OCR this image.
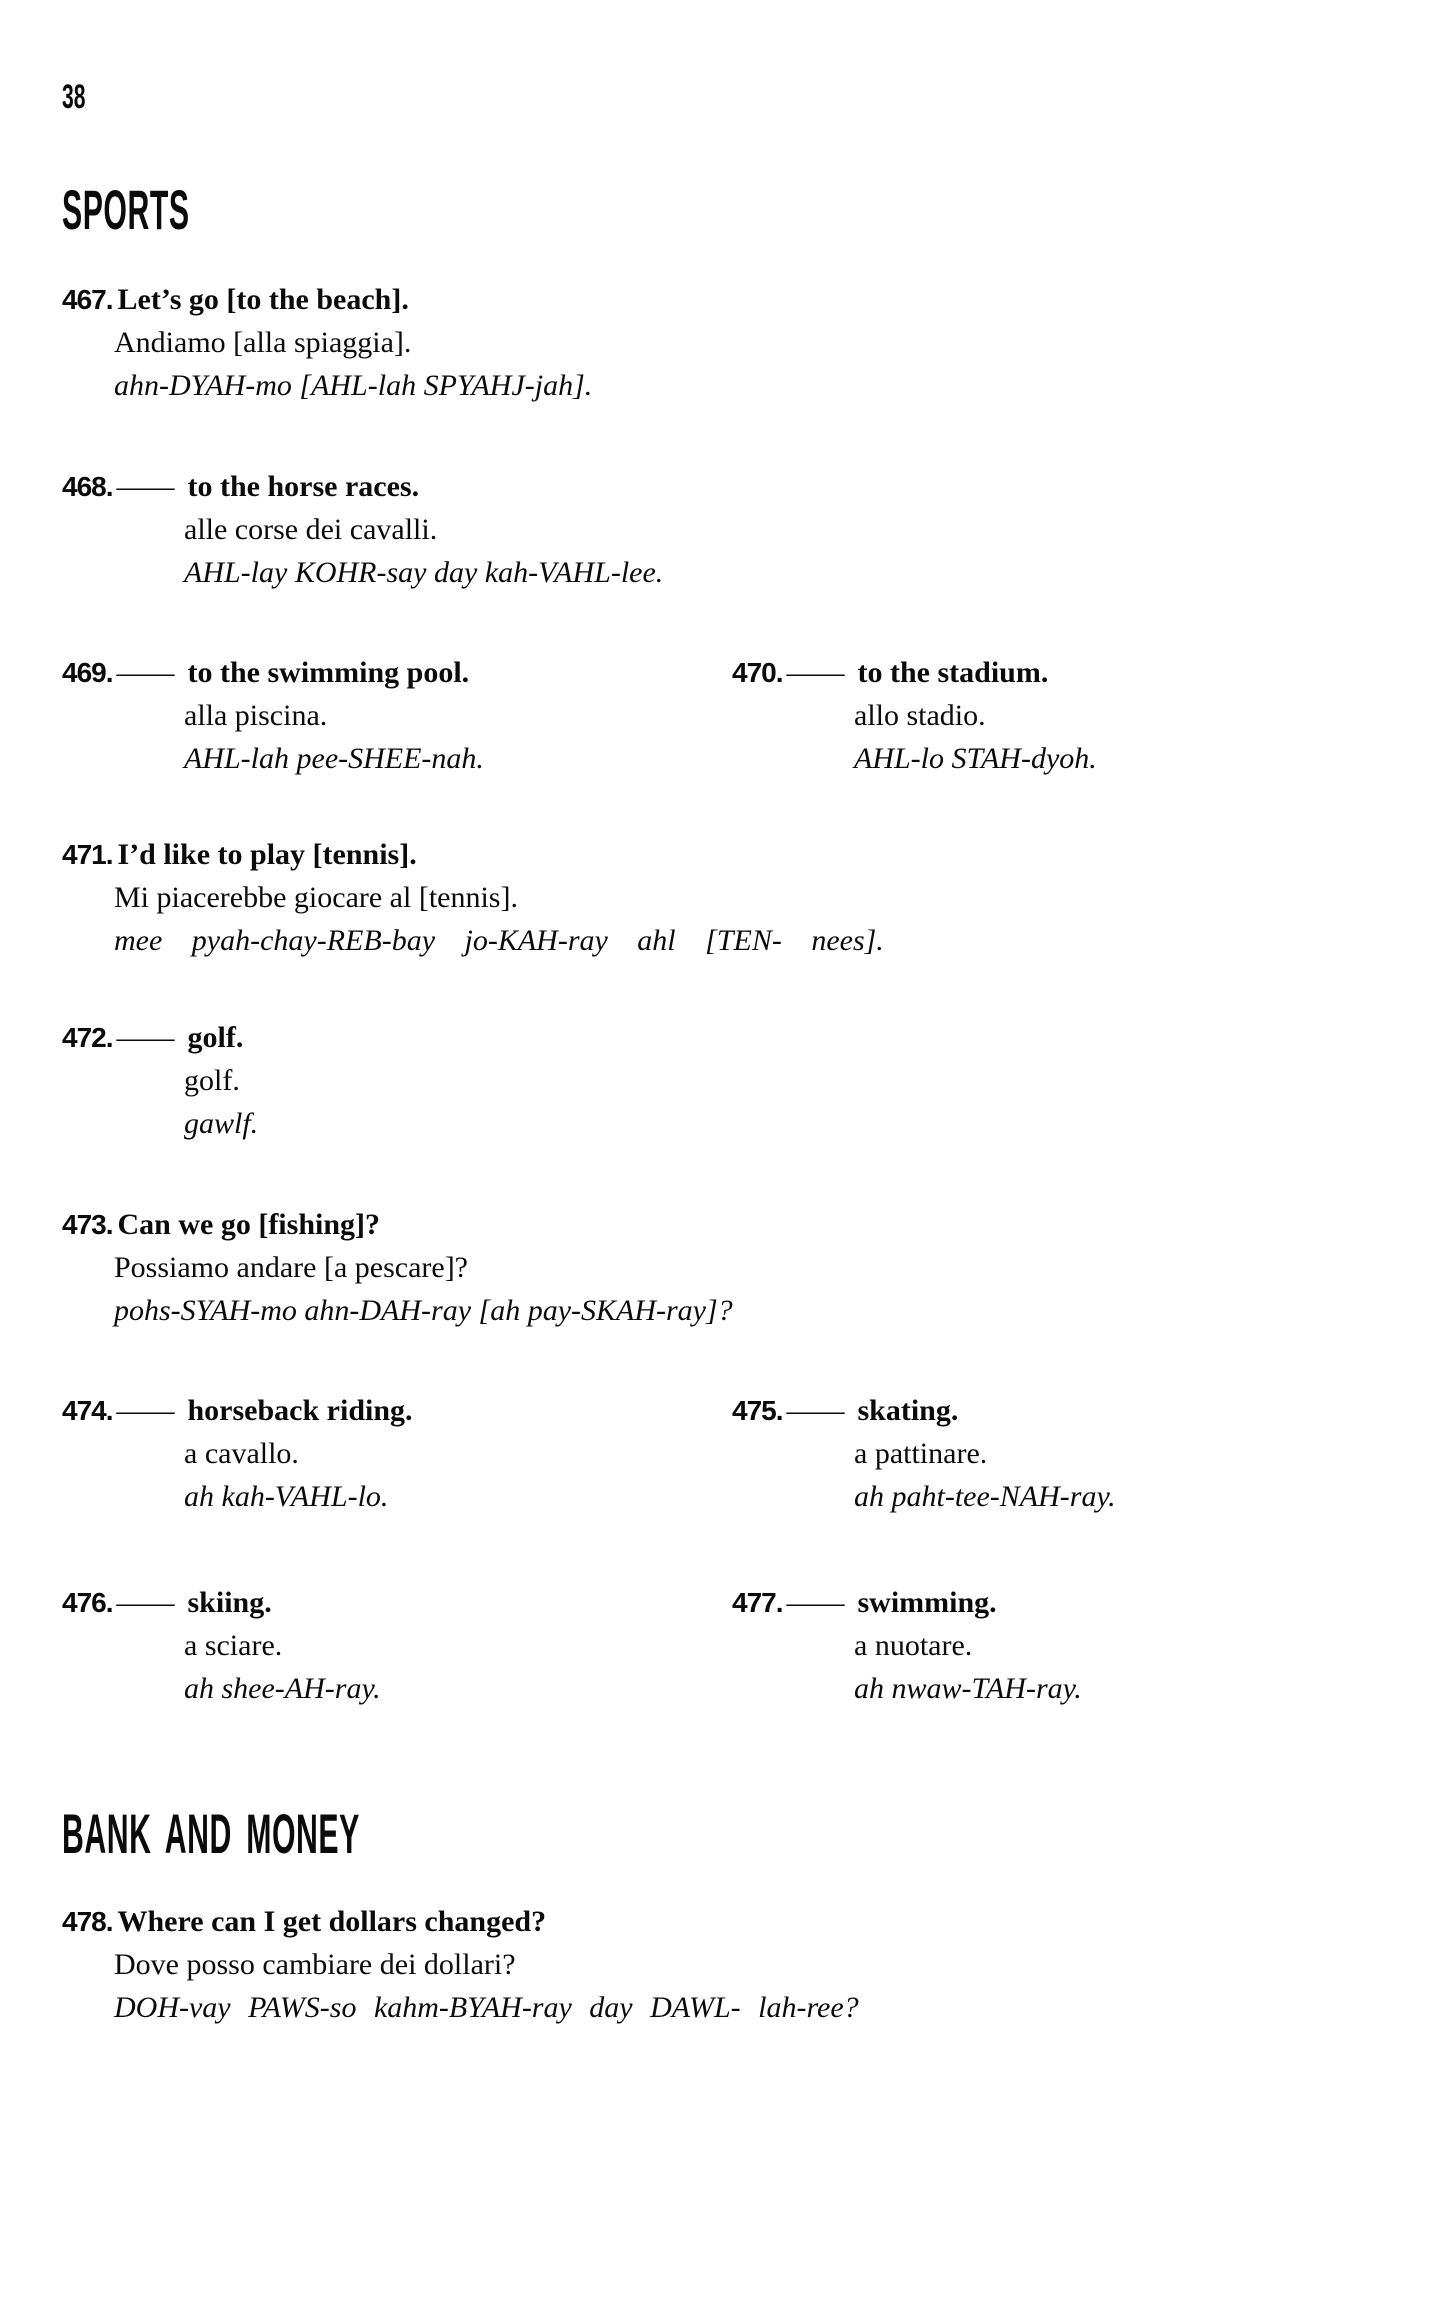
38
SPORTS
467. Let’s go [to the beach].
Andiamo [alla spiaggia].
ahn-DYAH-mo [AHL-lah SPYAHJ-jah].
468. —— to the horse races.
alle corse dei cavalli.
AHL-lay KOHR-say day kah-VAHL-lee.
469. —— to the swimming pool.
alla piscina.
AHL-lah pee-SHEE-nah.
470. —— to the stadium.
allo stadio.
AHL-lo STAH-dyoh.
471. I’d like to play [tennis].
Mi piacerebbe giocare al [tennis].
mee pyah-chay-REB-bay jo-KAH-ray ahl [TEN- nees].
472. —— golf.
golf.
gawlf.
473. Can we go [fishing]?
Possiamo andare [a pescare]?
pohs-SYAH-mo ahn-DAH-ray [ah pay-SKAH-ray]?
474. —— horseback riding.
a cavallo.
ah kah-VAHL-lo.
475. —— skating.
a pattinare.
ah paht-tee-NAH-ray.
476. —— skiing.
a sciare.
ah shee-AH-ray.
477. —— swimming.
a nuotare.
ah nwaw-TAH-ray.
BANK AND MONEY
478. Where can I get dollars changed?
Dove posso cambiare dei dollari?
DOH-vay PAWS-so kahm-BYAH-ray day DAWL- lah-ree?
